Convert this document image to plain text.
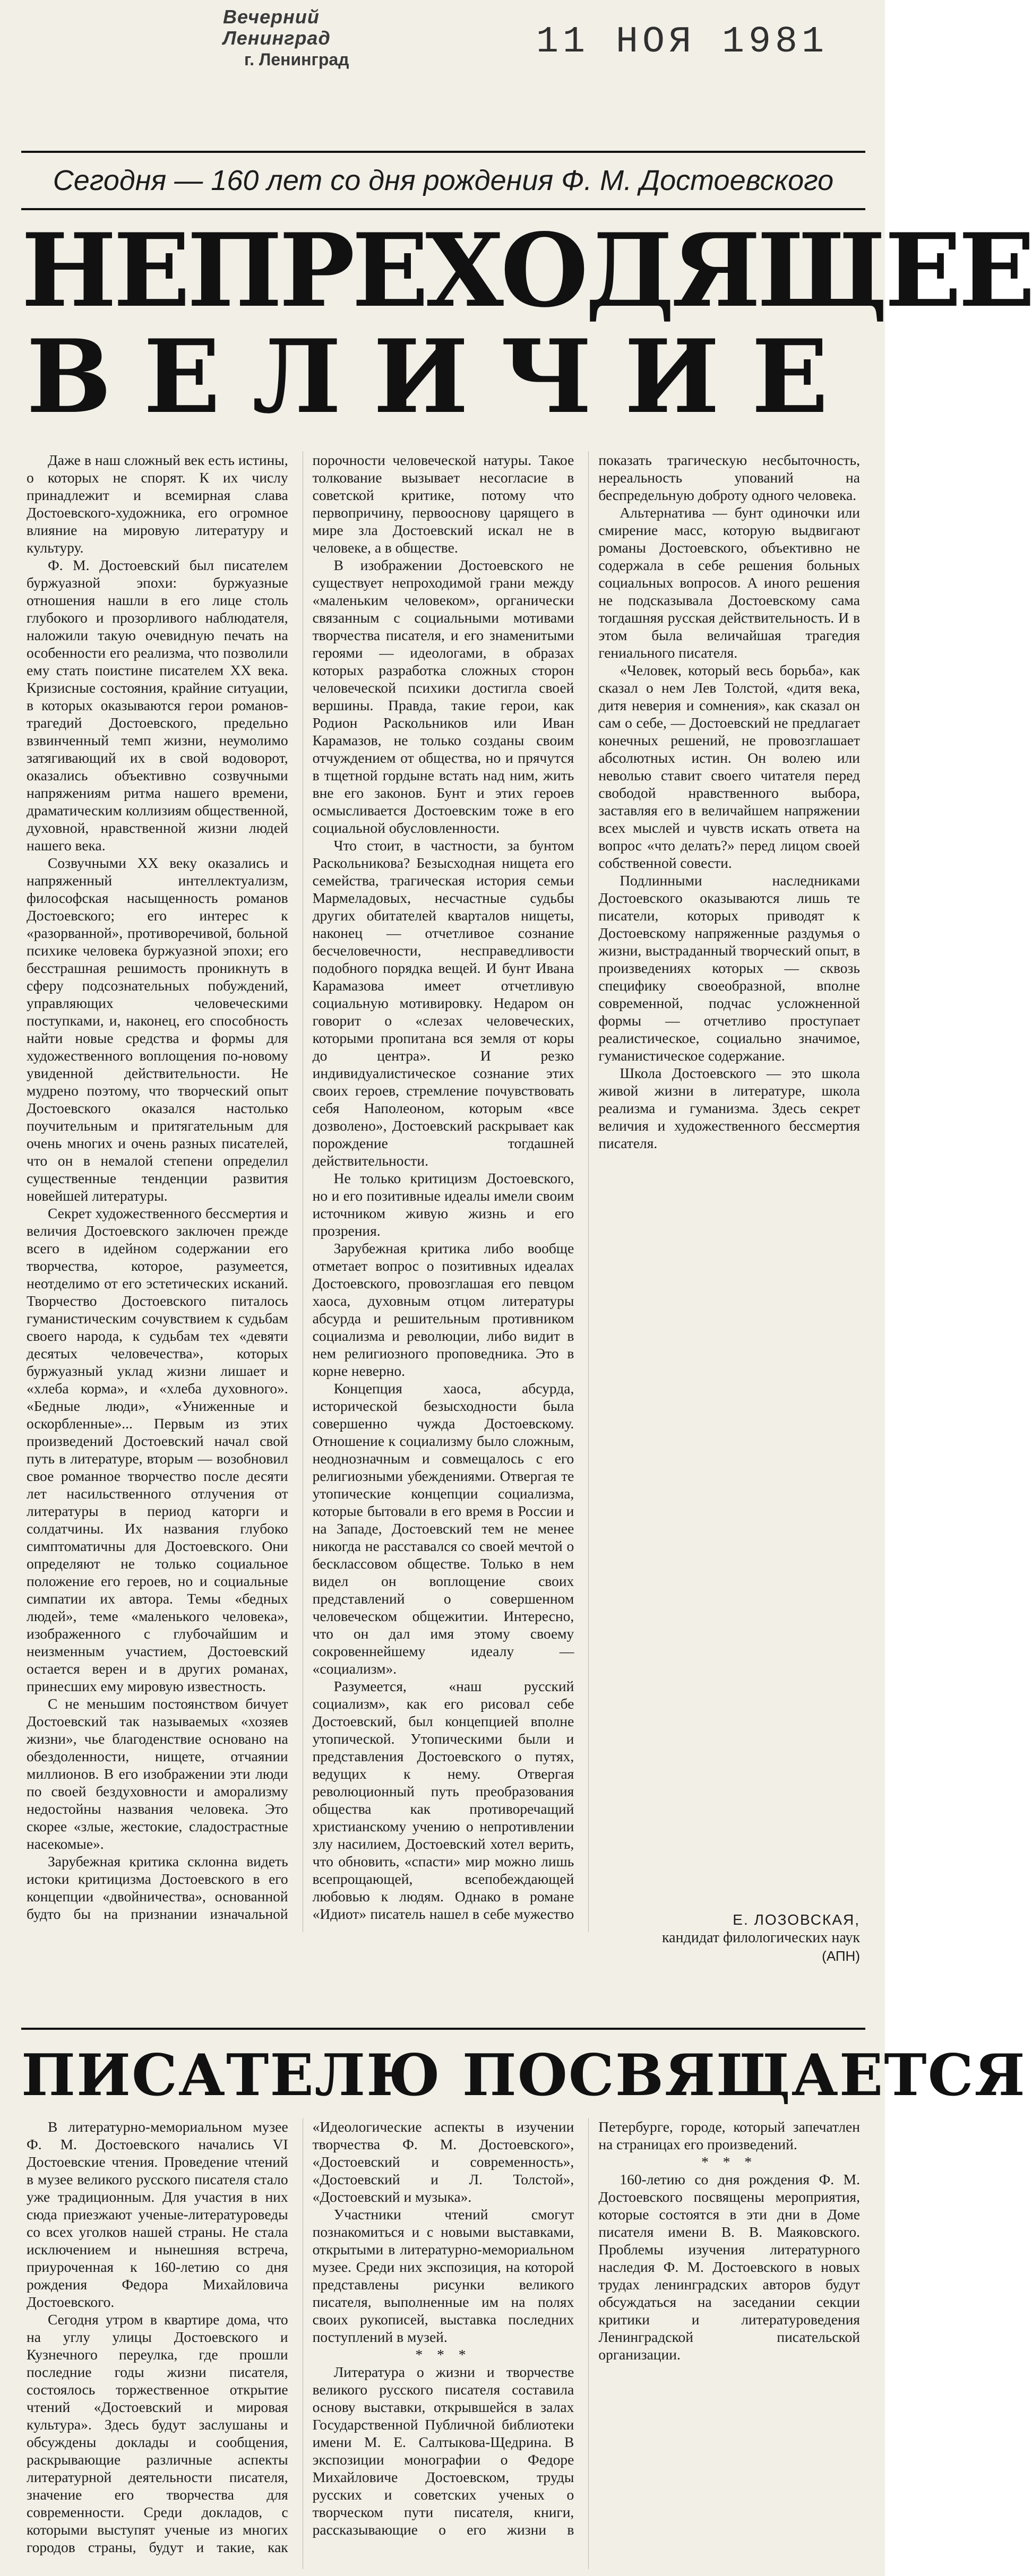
Вечерний Ленинград
г. Ленинград	11 НОЯ 1981
Сегодня — 160 лет со дня рождения Ф. М. Достоевского
НЕПРЕХОДЯЩЕЕ
ВЕЛИЧИЕ

Даже в наш сложный век есть истины, о которых не спорят. К их числу принадлежит и всемирная слава Достоевского-художника, его огромное влияние на мировую литературу и культуру.

Ф. М. Достоевский был писателем буржуазной эпохи: буржуазные отношения нашли в его лице столь глубокого и прозорливого наблюдателя, наложили такую очевидную печать на особенности его реализма, что позволили ему стать поистине писателем XX века. Кризисные состояния, крайние ситуации, в которых оказываются герои романов-трагедий Достоевского, предельно взвинченный темп жизни, неумолимо затягивающий их в свой водоворот, оказались объективно созвучными напряжениям ритма нашего времени, драматическим коллизиям общественной, духовной, нравственной жизни людей нашего века.

Созвучными XX веку оказались и напряженный интеллектуализм, философская насыщенность романов Достоевского; его интерес к «разорванной», противоречивой, больной психике человека буржуазной эпохи; его бесстрашная решимость проникнуть в сферу подсознательных побуждений, управляющих человеческими поступками, и, наконец, его способность найти новые средства и формы для художественного воплощения по-новому увиденной действительности. Не мудрено поэтому, что творческий опыт Достоевского оказался настолько поучительным и притягательным для очень многих и очень разных писателей, что он в немалой степени определил существенные тенденции развития новейшей литературы.

Секрет художественного бессмертия и величия Достоевского заключен прежде всего в идейном содержании его творчества, которое, разумеется, неотделимо от его эстетических исканий. Творчество Достоевского питалось гуманистическим сочувствием к судьбам своего народа, к судьбам тех «девяти десятых человечества», которых буржуазный уклад жизни лишает и «хлеба корма», и «хлеба духовного». «Бедные люди», «Униженные и оскорбленные»... Первым из этих произведений Достоевский начал свой путь в литературе, вторым — возобновил свое романное творчество после десяти лет насильственного отлучения от литературы в период каторги и солдатчины. Их названия глубоко симптоматичны для Достоевского. Они определяют не только социальное положение его героев, но и социальные симпатии их автора. Темы «бедных людей», теме «маленького человека», изображенного с глубочайшим и неизменным участием, Достоевский остается верен и в других романах, принесших ему мировую известность.

С не меньшим постоянством бичует Достоевский так называемых «хозяев жизни», чье благоденствие основано на обездоленности, нищете, отчаянии миллионов. В его изображении эти люди по своей бездуховности и аморализму недостойны названия человека. Это скорее «злые, жестокие, сладострастные насекомые».

Зарубежная критика склонна видеть истоки критицизма Достоевского в его концепции «двойничества», основанной будто бы на признании изначальной порочности человеческой натуры. Такое толкование вызывает несогласие в советской критике, потому что первопричину, первооснову царящего в мире зла Достоевский искал не в человеке, а в обществе.

В изображении Достоевского не существует непроходимой грани между «маленьким человеком», органически связанным с социальными мотивами творчества писателя, и его знаменитыми героями — идеологами, в образах которых разработка сложных сторон человеческой психики достигла своей вершины. Правда, такие герои, как Родион Раскольников или Иван Карамазов, не только созданы своим отчуждением от общества, но и прячутся в тщетной гордыне встать над ним, жить вне его законов. Бунт и этих героев осмысливается Достоевским тоже в его социальной обусловленности.

Что стоит, в частности, за бунтом Раскольникова? Безысходная нищета его семейства, трагическая история семьи Мармеладовых, несчастные судьбы других обитателей кварталов нищеты, наконец — отчетливое сознание бесчеловечности, несправедливости подобного порядка вещей. И бунт Ивана Карамазова имеет отчетливую социальную мотивировку. Недаром он говорит о «слезах человеческих, которыми пропитана вся земля от коры до центра». И резко индивидуалистическое сознание этих своих героев, стремление почувствовать себя Наполеоном, которым «все дозволено», Достоевский раскрывает как порождение тогдашней действительности.

Не только критицизм Достоевского, но и его позитивные идеалы имели своим источником живую жизнь и его прозрения.

Зарубежная критика либо вообще отметает вопрос о позитивных идеалах Достоевского, провозглашая его певцом хаоса, духовным отцом литературы абсурда и решительным противником социализма и революции, либо видит в нем религиозного проповедника. Это в корне неверно.

Концепция хаоса, абсурда, исторической безысходности была совершенно чужда Достоевскому. Отношение к социализму было сложным, неоднозначным и совмещалось с его религиозными убеждениями. Отвергая те утопические концепции социализма, которые бытовали в его время в России и на Западе, Достоевский тем не менее никогда не расставался со своей мечтой о бесклассовом обществе. Только в нем видел он воплощение своих представлений о совершенном человеческом общежитии. Интересно, что он дал имя этому своему сокровеннейшему идеалу — «социализм».

Разумеется, «наш русский социализм», как его рисовал себе Достоевский, был концепцией вполне утопической. Утопическими были и представления Достоевского о путях, ведущих к нему. Отвергая революционный путь преобразования общества как противоречащий христианскому учению о непротивлении злу насилием, Достоевский хотел верить, что обновить, «спасти» мир можно лишь всепрощающей, всепобеждающей любовью к людям. Однако в романе «Идиот» писатель нашел в себе мужество показать трагическую несбыточность, нереальность упований на беспредельную доброту одного человека.

Альтернатива — бунт одиночки или смирение масс, которую выдвигают романы Достоевского, объективно не содержала в себе решения больных социальных вопросов. А иного решения не подсказывала Достоевскому сама тогдашняя русская действительность. И в этом была величайшая трагедия гениального писателя.

«Человек, который весь борьба», как сказал о нем Лев Толстой, «дитя века, дитя неверия и сомнения», как сказал он сам о себе, — Достоевский не предлагает конечных решений, не провозглашает абсолютных истин. Он волею или неволью ставит своего читателя перед свободой нравственного выбора, заставляя его в величайшем напряжении всех мыслей и чувств искать ответа на вопрос «что делать?» перед лицом своей собственной совести.

Подлинными наследниками Достоевского оказываются лишь те писатели, которых приводят к Достоевскому напряженные раздумья о жизни, выстраданный творческий опыт, в произведениях которых — сквозь специфику своеобразной, вполне современной, подчас усложненной формы — отчетливо проступает реалистическое, социально значимое, гуманистическое содержание.

Школа Достоевского — это школа живой жизни в литературе, школа реализма и гуманизма. Здесь секрет величия и художественного бессмертия писателя.

Е. ЛОЗОВСКАЯ,
кандидат филологических наук
(АПН)
ПИСАТЕЛЮ ПОСВЯЩАЕТСЯ

В литературно-мемориальном музее Ф. М. Достоевского начались VI Достоевские чтения. Проведение чтений в музее великого русского писателя стало уже традиционным. Для участия в них сюда приезжают ученые-литературоведы со всех уголков нашей страны. Не стала исключением и нынешняя встреча, приуроченная к 160-летию со дня рождения Федора Михайловича Достоевского.

Сегодня утром в квартире дома, что на углу улицы Достоевского и Кузнечного переулка, где прошли последние годы жизни писателя, состоялось торжественное открытие чтений «Достоевский и мировая культура». Здесь будут заслушаны и обсуждены доклады и сообщения, раскрывающие различные аспекты литературной деятельности писателя, значение его творчества для современности. Среди докладов, с которыми выступят ученые из многих городов страны, будут и такие, как «Идеологические аспекты в изучении творчества Ф. М. Достоевского», «Достоевский и современность», «Достоевский и Л. Толстой», «Достоевский и музыка».

Участники чтений смогут познакомиться и с новыми выставками, открытыми в литературно-мемориальном музее. Среди них экспозиция, на которой представлены рисунки великого писателя, выполненные им на полях своих рукописей, выставка последних поступлений в музей.

* * *

Литература о жизни и творчестве великого русского писателя составила основу выставки, открывшейся в залах Государственной Публичной библиотеки имени М. Е. Салтыкова-Щедрина. В экспозиции монографии о Федоре Михайловиче Достоевском, труды русских и советских ученых о творческом пути писателя, книги, рассказывающие о его жизни в Петербурге, городе, который запечатлен на страницах его произведений.

* * *

160-летию со дня рождения Ф. М. Достоевского посвящены мероприятия, которые состоятся в эти дни в Доме писателя имени В. В. Маяковского. Проблемы изучения литературного наследия Ф. М. Достоевского в новых трудах ленинградских авторов будут обсуждаться на заседании секции критики и литературоведения Ленинградской писательской организации.
